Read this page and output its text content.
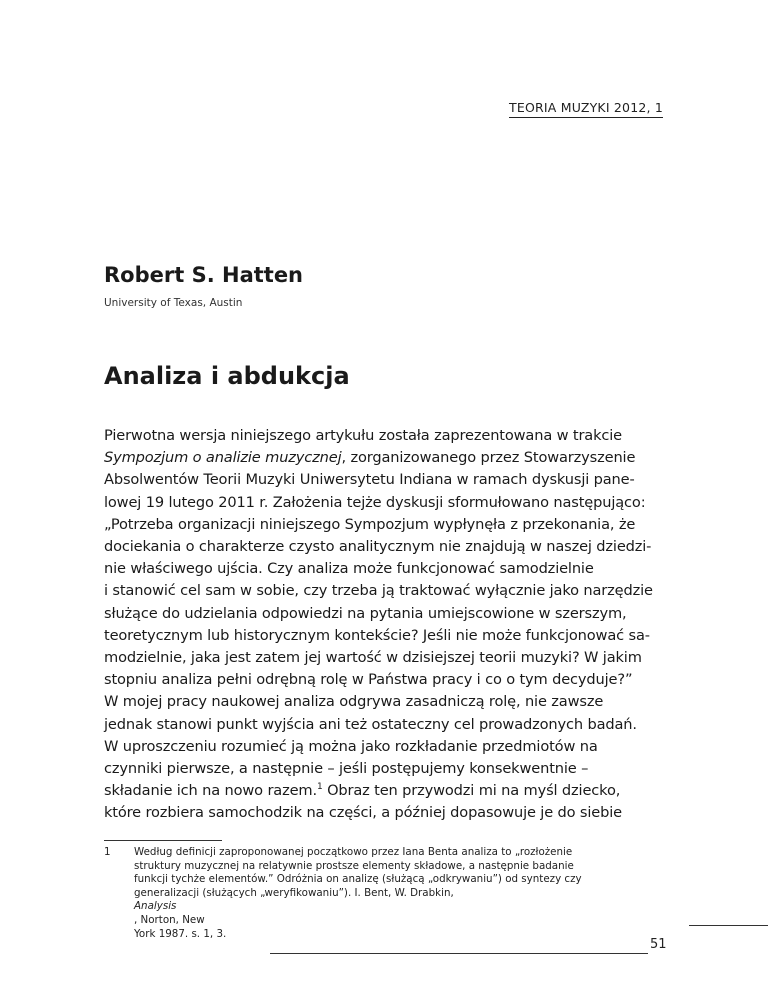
TEORIA MUZYKI 2012, 1
Robert S. Hatten
University of Texas, Austin
Analiza i abdukcja
Pierwotna wersja niniejszego artykułu została zaprezentowana w trakcie
Sympozjum o analizie muzycznej, zorganizowanego przez Stowarzyszenie
Absolwentów Teorii Muzyki Uniwersytetu Indiana w ramach dyskusji pane-
lowej 19 lutego 2011 r. Założenia tejże dyskusji sformułowano następująco:
„Potrzeba organizacji niniejszego Sympozjum wypłynęła z przekonania, że
dociekania o charakterze czysto analitycznym nie znajdują w naszej dziedzi-
nie właściwego ujścia. Czy analiza może funkcjonować samodzielnie
i stanowić cel sam w sobie, czy trzeba ją traktować wyłącznie jako narzędzie
służące do udzielania odpowiedzi na pytania umiejscowione w szerszym,
teoretycznym lub historycznym kontekście? Jeśli nie może funkcjonować sa-
modzielnie, jaka jest zatem jej wartość w dzisiejszej teorii muzyki? W jakim
stopniu analiza pełni odrębną rolę w Państwa pracy i co o tym decyduje?”
W mojej pracy naukowej analiza odgrywa zasadniczą rolę, nie zawsze
jednak stanowi punkt wyjścia ani też ostateczny cel prowadzonych badań.
W uproszczeniu rozumieć ją można jako rozkładanie przedmiotów na
czynniki pierwsze, a następnie – jeśli postępujemy konsekwentnie –
składanie ich na nowo razem.$^1$ Obraz ten przywodzi mi na myśl dziecko,
które rozbiera samochodzik na części, a później dopasowuje je do siebie
1 Według definicji zaproponowanej początkowo przez Iana Benta analiza to „rozłożenie
struktury muzycznej na relatywnie prostsze elementy składowe, a następnie badanie
funkcji tychże elementów.” Odróżnia on analizę (służącą „odkrywaniu”) od syntezy czy
generalizacji (służących „weryfikowaniu”). I. Bent, W. Drabkin,
Analysis
, Norton, New
York 1987. s. 1, 3.
51
